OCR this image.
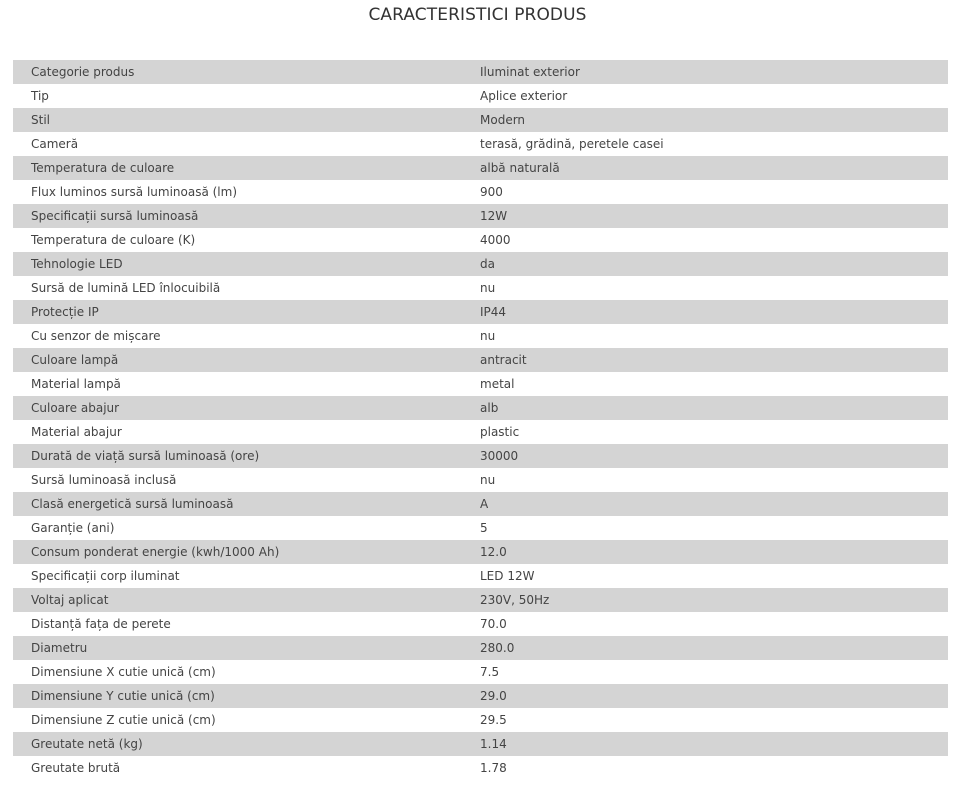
CARACTERISTICI PRODUS
Categorie produs	Iluminat exterior
Tip	Aplice exterior
Stil	Modern
Cameră	terasă, grădină, peretele casei
Temperatura de culoare	albă naturală
Flux luminos sursă luminoasă (lm)	900
Specificații sursă luminoasă	12W
Temperatura de culoare (K)	4000
Tehnologie LED	da
Sursă de lumină LED înlocuibilă	nu
Protecție IP	IP44
Cu senzor de mișcare	nu
Culoare lampă	antracit
Material lampă	metal
Culoare abajur	alb
Material abajur	plastic
Durată de viață sursă luminoasă (ore)	30000
Sursă luminoasă inclusă	nu
Clasă energetică sursă luminoasă	A
Garanție (ani)	5
Consum ponderat energie (kwh/1000 Ah)	12.0
Specificații corp iluminat	LED 12W
Voltaj aplicat	230V, 50Hz
Distanță fața de perete	70.0
Diametru	280.0
Dimensiune X cutie unică (cm)	7.5
Dimensiune Y cutie unică (cm)	29.0
Dimensiune Z cutie unică (cm)	29.5
Greutate netă (kg)	1.14
Greutate brută	1.78
